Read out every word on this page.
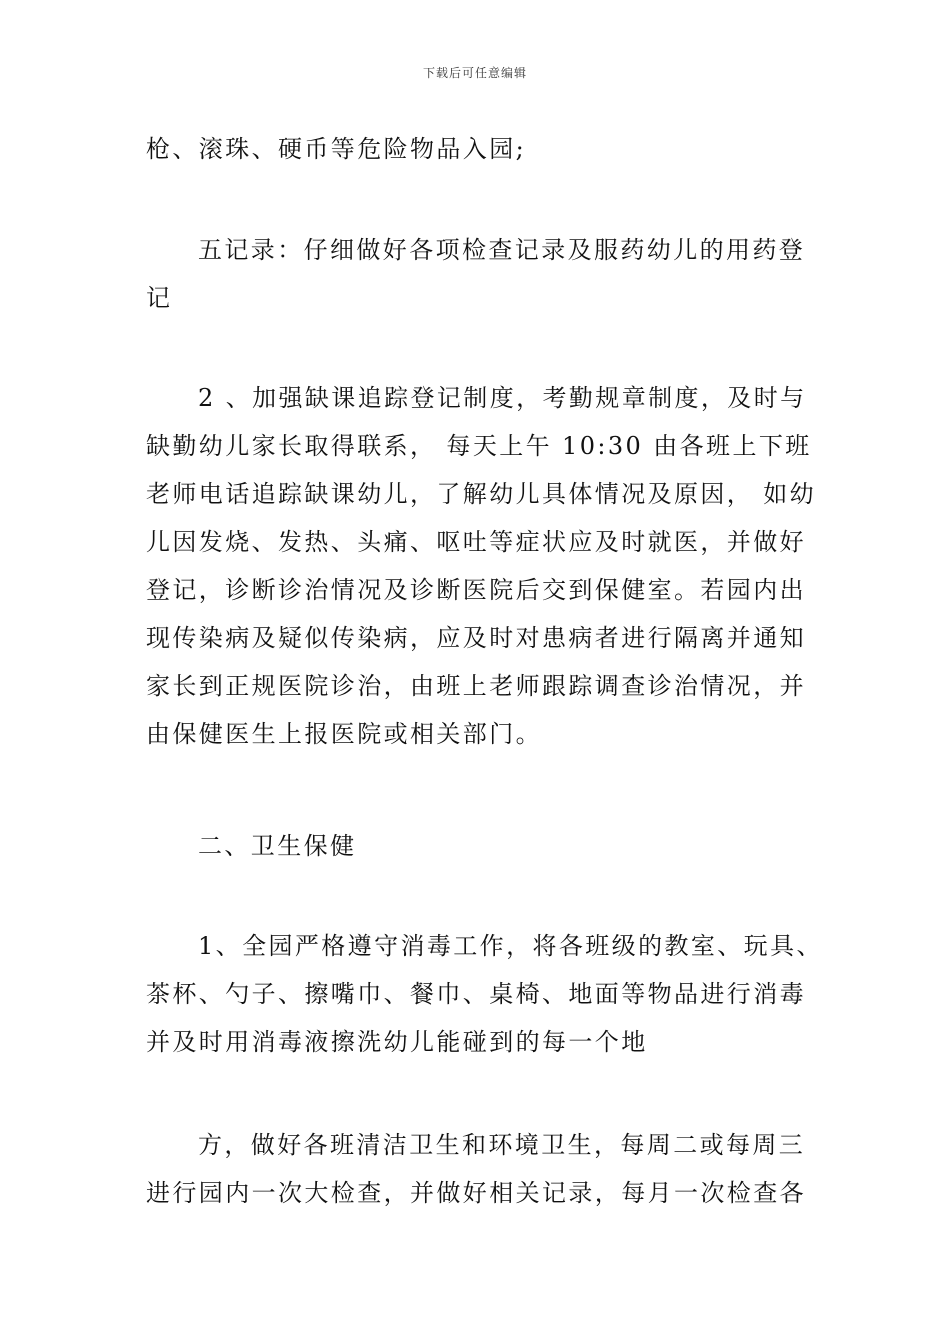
下载后可任意编辑

枪、滚珠、硬币等危险物品入园;

五记录：仔细做好各项检查记录及服药幼儿的用药登
记

2 、加强缺课追踪登记制度，考勤规章制度，及时与
缺勤幼儿家长取得联系， 每天上午 10:30 由各班上下班
老师电话追踪缺课幼儿，了解幼儿具体情况及原因， 如幼
儿因发烧、发热、头痛、呕吐等症状应及时就医，并做好
登记，诊断诊治情况及诊断医院后交到保健室。若园内出
现传染病及疑似传染病，应及时对患病者进行隔离并通知
家长到正规医院诊治，由班上老师跟踪调查诊治情况，并
由保健医生上报医院或相关部门。

二、卫生保健

1、全园严格遵守消毒工作，将各班级的教室、玩具、
茶杯、勺子、擦嘴巾、餐巾、桌椅、地面等物品进行消毒
并及时用消毒液擦洗幼儿能碰到的每一个地

方，做好各班清洁卫生和环境卫生，每周二或每周三
进行园内一次大检查，并做好相关记录，每月一次检查各
